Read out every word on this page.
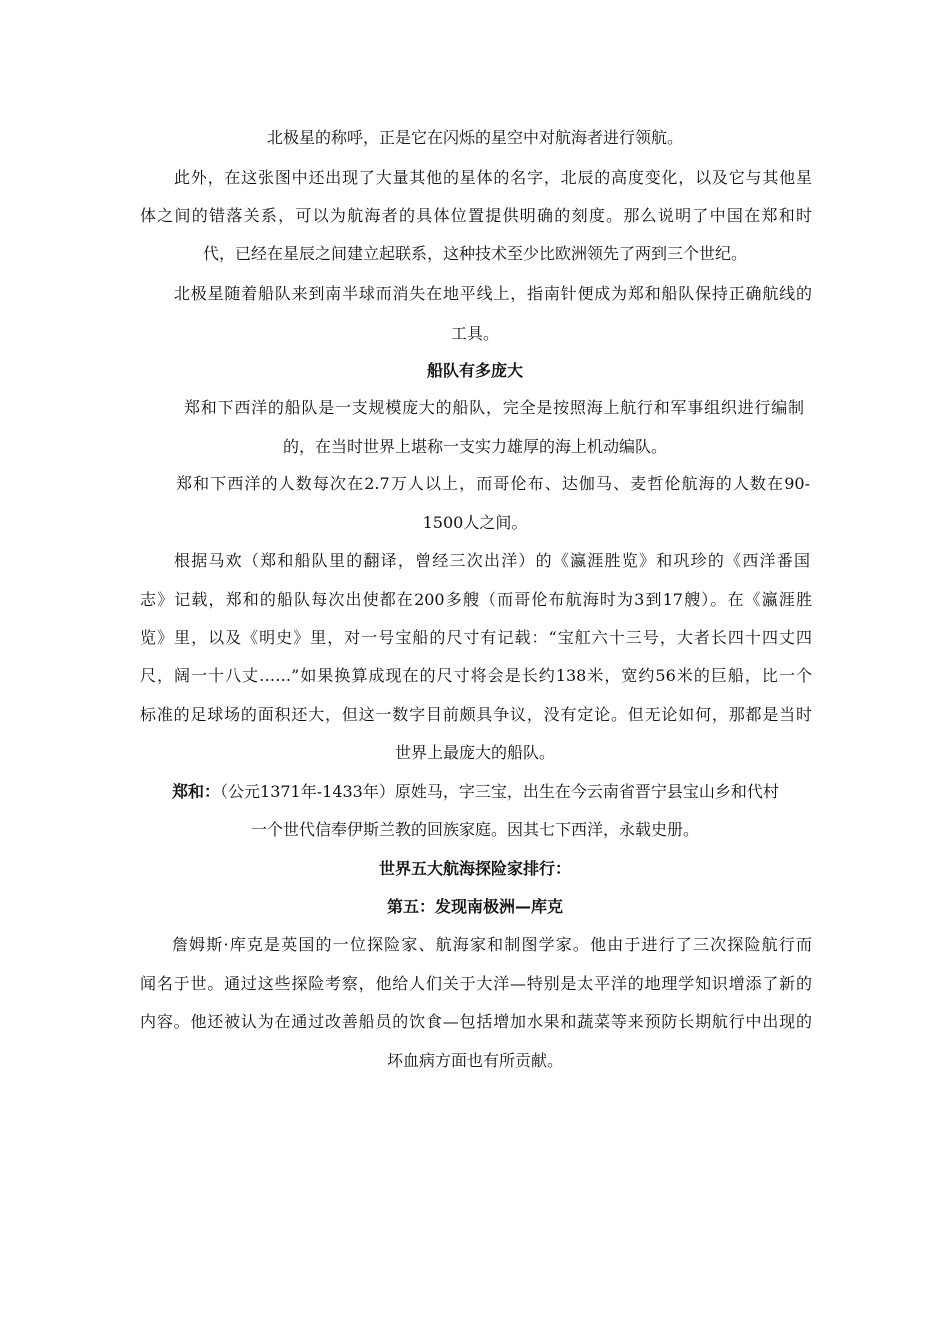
北极星的称呼，正是它在闪烁的星空中对航海者进行领航。
此外，在这张图中还出现了大量其他的星体的名字，北辰的高度变化，以及它与其他星
体之间的错落关系，可以为航海者的具体位置提供明确的刻度。那么说明了中国在郑和时
代，已经在星辰之间建立起联系，这种技术至少比欧洲领先了两到三个世纪。
北极星随着船队来到南半球而消失在地平线上，指南针便成为郑和船队保持正确航线的
工具。
船队有多庞大
郑和下西洋的船队是一支规模庞大的船队，完全是按照海上航行和军事组织进行编制
的，在当时世界上堪称一支实力雄厚的海上机动编队。
郑和下西洋的人数每次在2.7万人以上，而哥伦布、达伽马、麦哲伦航海的人数在90-
1500人之间。
根据马欢（郑和船队里的翻译，曾经三次出洋）的《瀛涯胜览》和巩珍的《西洋番国
志》记载，郑和的船队每次出使都在200多艘（而哥伦布航海时为3到17艘）。在《瀛涯胜
览》里，以及《明史》里，对一号宝船的尺寸有记载：“宝舡六十三号，大者长四十四丈四
尺，阔一十八丈……”如果换算成现在的尺寸将会是长约138米，宽约56米的巨船，比一个
标准的足球场的面积还大，但这一数字目前颇具争议，没有定论。但无论如何，那都是当时
世界上最庞大的船队。
郑和：（公元1371年-1433年）原姓马，字三宝，出生在今云南省晋宁县宝山乡和代村
一个世代信奉伊斯兰教的回族家庭。因其七下西洋，永载史册。
世界五大航海探险家排行：
第五：发现南极洲—库克
詹姆斯·库克是英国的一位探险家、航海家和制图学家。他由于进行了三次探险航行而
闻名于世。通过这些探险考察，他给人们关于大洋—特别是太平洋的地理学知识增添了新的
内容。他还被认为在通过改善船员的饮食—包括增加水果和蔬菜等来预防长期航行中出现的
坏血病方面也有所贡献。
